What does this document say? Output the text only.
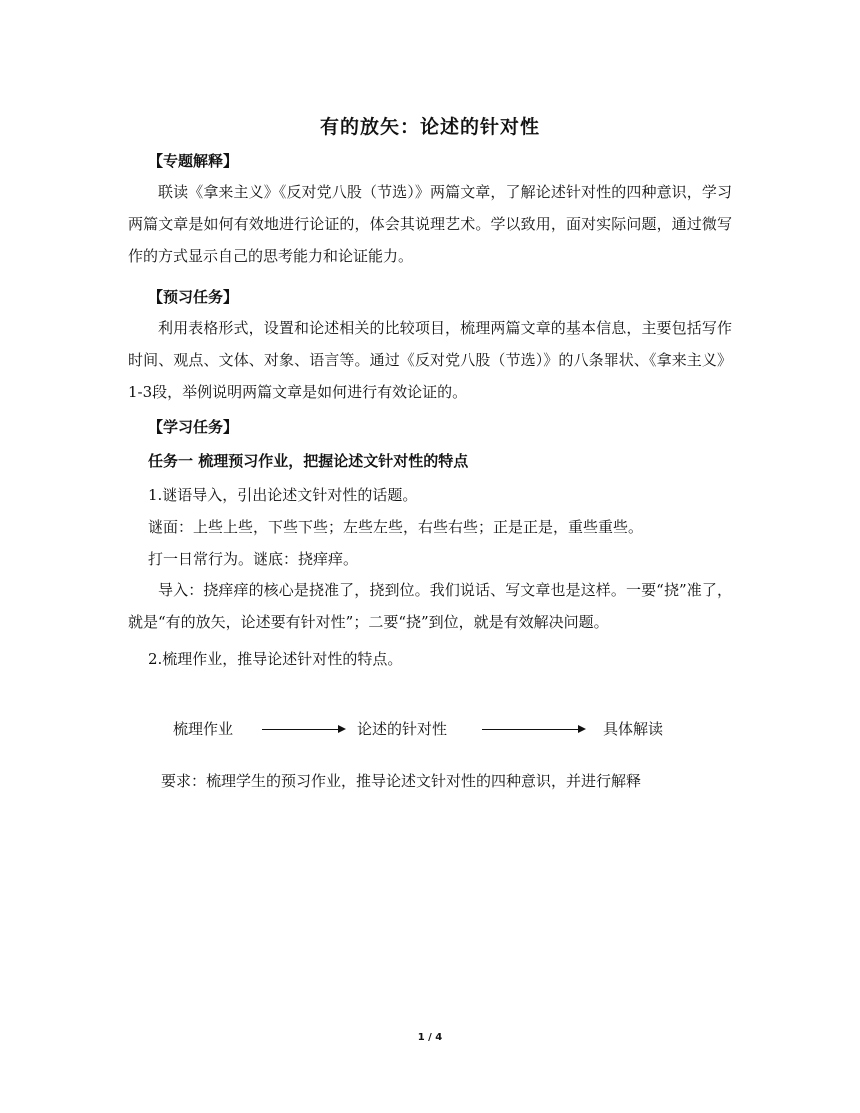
有的放矢：论述的针对性
【专题解释】
联读《拿来主义》《反对党八股（节选）》两篇文章，了解论述针对性的四种意识，学习两篇文章是如何有效地进行论证的，体会其说理艺术。学以致用，面对实际问题，通过微写作的方式显示自己的思考能力和论证能力。
【预习任务】
利用表格形式，设置和论述相关的比较项目，梳理两篇文章的基本信息，主要包括写作时间、观点、文体、对象、语言等。通过《反对党八股（节选）》的八条罪状、《拿来主义》1-3段，举例说明两篇文章是如何进行有效论证的。
【学习任务】
任务一 梳理预习作业，把握论述文针对性的特点
1.谜语导入，引出论述文针对性的话题。
谜面：上些上些，下些下些；左些左些，右些右些；正是正是，重些重些。
打一日常行为。谜底：挠痒痒。
导入：挠痒痒的核心是挠准了，挠到位。我们说话、写文章也是这样。一要“挠”准了，就是“有的放矢，论述要有针对性”；二要“挠”到位，就是有效解决问题。
2.梳理作业，推导论述针对性的特点。
梳理作业	论述的针对性	具体解读
要求：梳理学生的预习作业，推导论述文针对性的四种意识，并进行解释
1 / 4
